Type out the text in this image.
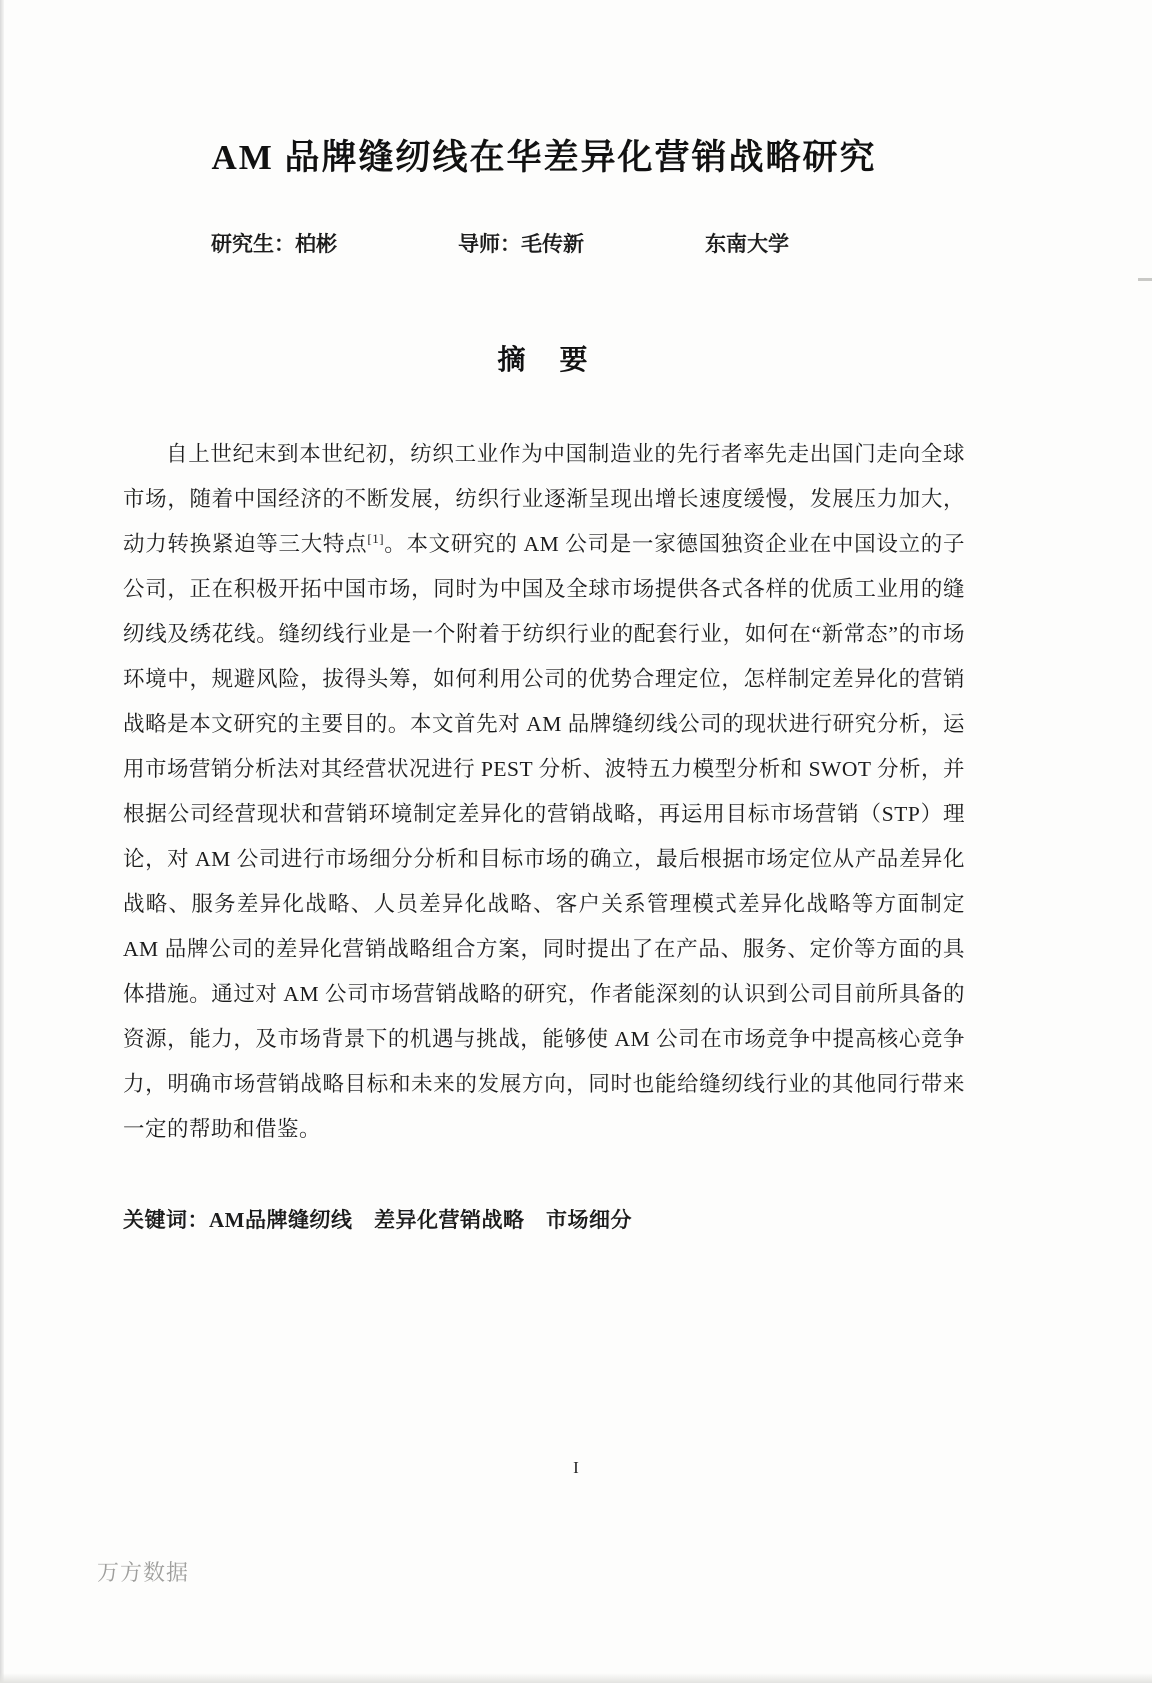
AM 品牌缝纫线在华差异化营销战略研究
研究生：柏彬	导师：毛传新	东南大学
摘　要

自上世纪末到本世纪初，纺织工业作为中国制造业的先行者率先走出国门走向全球市场，随着中国经济的不断发展，纺织行业逐渐呈现出增长速度缓慢，发展压力加大，动力转换紧迫等三大特点[1]。本文研究的 AM 公司是一家德国独资企业在中国设立的子公司，正在积极开拓中国市场，同时为中国及全球市场提供各式各样的优质工业用的缝纫线及绣花线。缝纫线行业是一个附着于纺织行业的配套行业，如何在“新常态”的市场环境中，规避风险，拔得头筹，如何利用公司的优势合理定位，怎样制定差异化的营销战略是本文研究的主要目的。本文首先对 AM 品牌缝纫线公司的现状进行研究分析，运用市场营销分析法对其经营状况进行 PEST 分析、波特五力模型分析和 SWOT 分析，并根据公司经营现状和营销环境制定差异化的营销战略，再运用目标市场营销（STP）理论，对 AM 公司进行市场细分分析和目标市场的确立，最后根据市场定位从产品差异化战略、服务差异化战略、人员差异化战略、客户关系管理模式差异化战略等方面制定 AM 品牌公司的差异化营销战略组合方案，同时提出了在产品、服务、定价等方面的具体措施。通过对 AM 公司市场营销战略的研究，作者能深刻的认识到公司目前所具备的资源，能力，及市场背景下的机遇与挑战，能够使 AM 公司在市场竞争中提高核心竞争力，明确市场营销战略目标和未来的发展方向，同时也能给缝纫线行业的其他同行带来一定的帮助和借鉴。

关键词：AM品牌缝纫线　差异化营销战略　市场细分

I
万方数据
